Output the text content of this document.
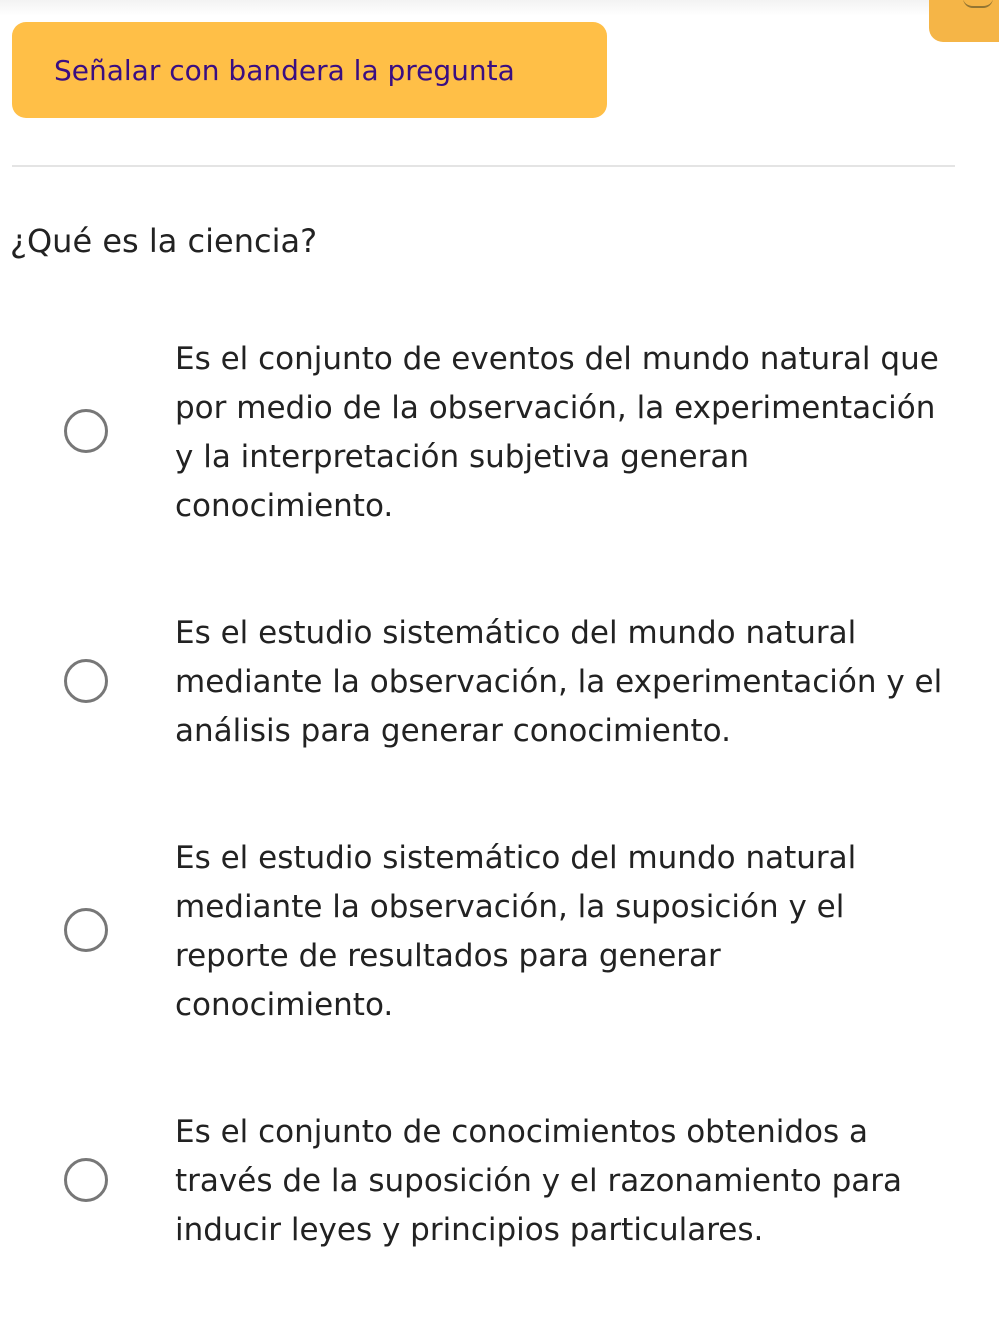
Señalar con bandera la pregunta
¿Qué es la ciencia?
Es el conjunto de eventos del mundo natural que por medio de la observación, la experimentación y la interpretación subjetiva generan conocimiento.
Es el estudio sistemático del mundo natural mediante la observación, la experimentación y el análisis para generar conocimiento.
Es el estudio sistemático del mundo natural mediante la observación, la suposición y el reporte de resultados para generar conocimiento.
Es el conjunto de conocimientos obtenidos a través de la suposición y el razonamiento para inducir leyes y principios particulares.
